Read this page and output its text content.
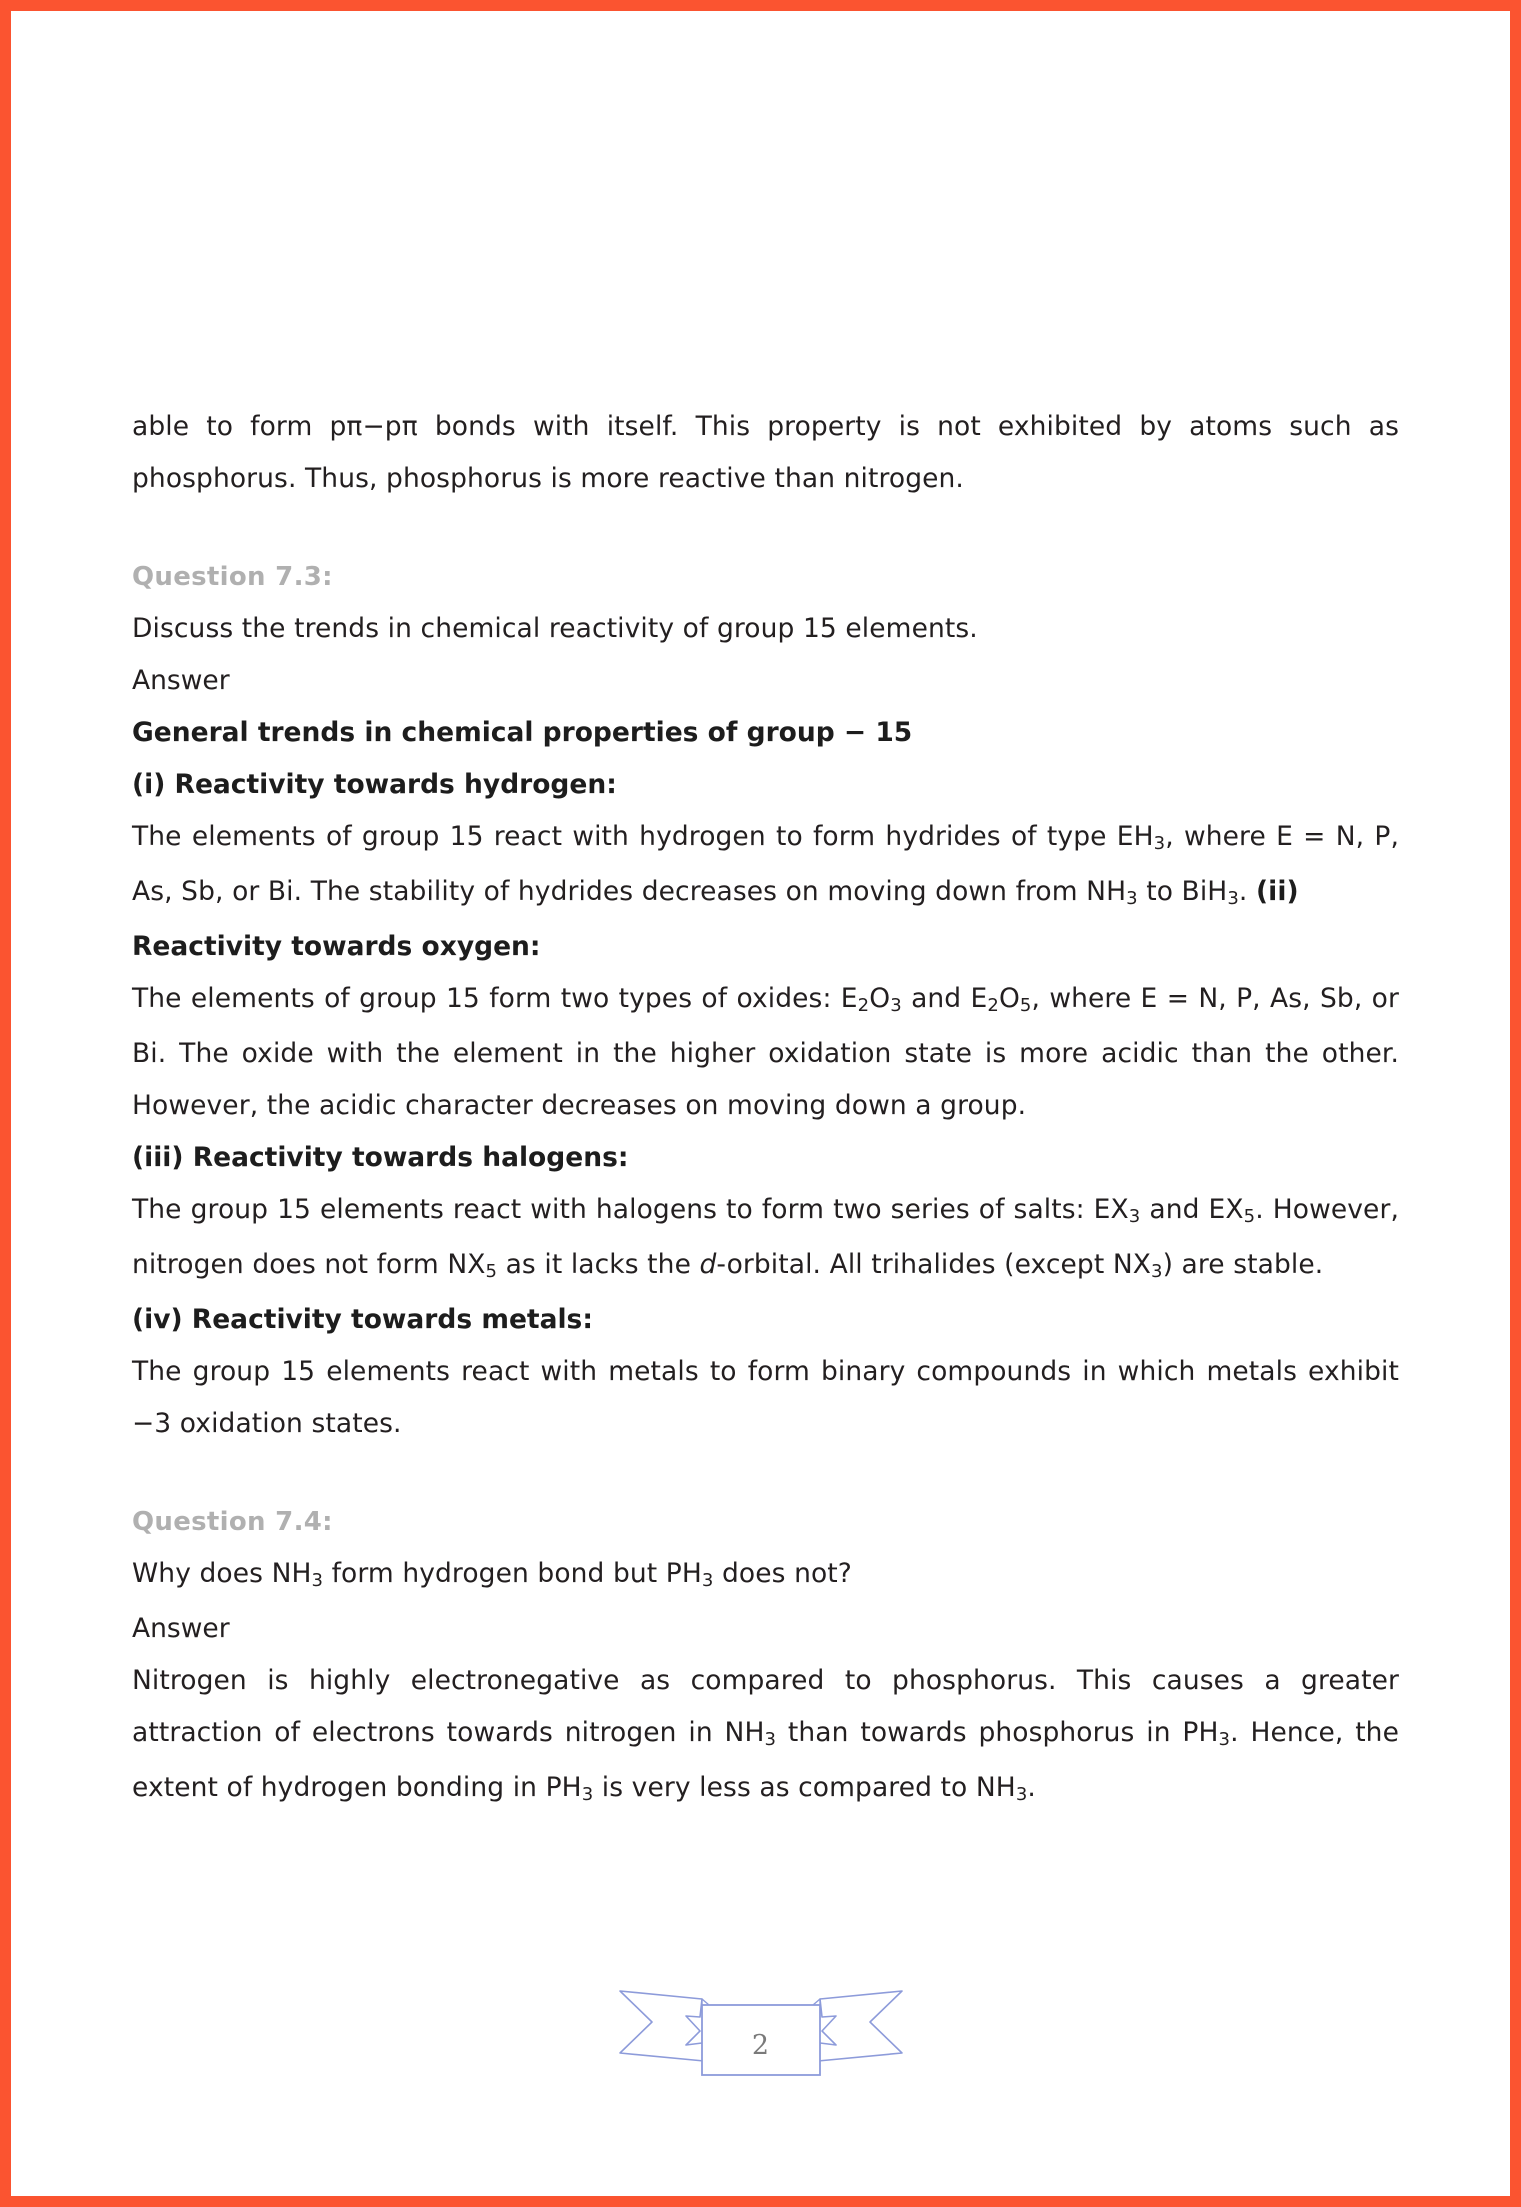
able to form pπ−pπ bonds with itself. This property is not exhibited by atoms such as phosphorus. Thus, phosphorus is more reactive than nitrogen.

Question 7.3:

Discuss the trends in chemical reactivity of group 15 elements.

Answer

General trends in chemical properties of group − 15

(i) Reactivity towards hydrogen:

The elements of group 15 react with hydrogen to form hydrides of type $EH_3$, where E = N, P, As, Sb, or Bi. The stability of hydrides decreases on moving down from $NH_3$ to BiH$_3$. (ii)

Reactivity towards oxygen:

The elements of group 15 form two types of oxides: $E_2O_3$ and $E_2O_5$, where E = N, P, As, Sb, or Bi. The oxide with the element in the higher oxidation state is more acidic than the other. However, the acidic character decreases on moving down a group.

(iii) Reactivity towards halogens:

The group 15 elements react with halogens to form two series of salts: $EX_3$ and $EX_5$. However, nitrogen does not form $NX_5$ as it lacks the d-orbital. All trihalides (except $NX_3$) are stable.

(iv) Reactivity towards metals:

The group 15 elements react with metals to form binary compounds in which metals exhibit −3 oxidation states.

Question 7.4:

Why does $NH_3$ form hydrogen bond but $PH_3$ does not?

Answer

Nitrogen is highly electronegative as compared to phosphorus. This causes a greater attraction of electrons towards nitrogen in $NH_3$ than towards phosphorus in $PH_3$. Hence, the extent of hydrogen bonding in $PH_3$ is very less as compared to $NH_3$.

2
